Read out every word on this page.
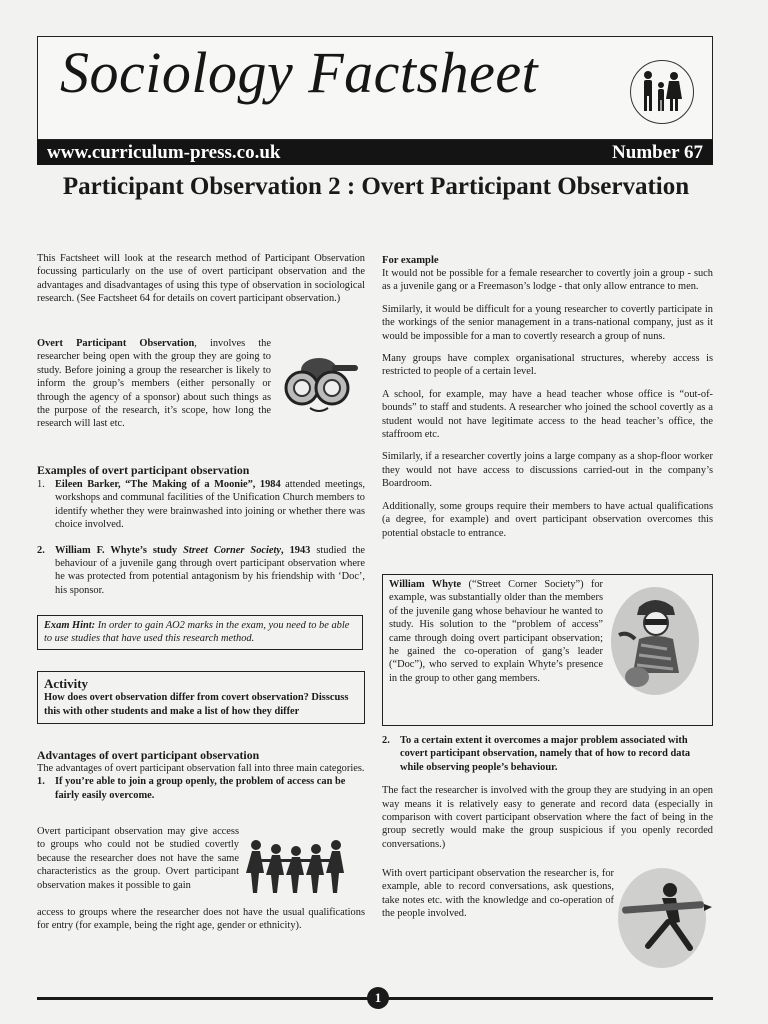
Sociology Factsheet
www.curriculum-press.co.uk	Number 67
Participant Observation 2 : Overt Participant Observation

This Factsheet will look at the research method of Participant Observation focussing particularly on the use of overt participant observation and the advantages and disadvantages of using this type of observation in sociological research. (See Factsheet 64 for details on covert participant observation.)

Overt Participant Observation, involves the researcher being open with the group they are going to study. Before joining a group the researcher is likely to inform the group’s members (either personally or through the agency of a sponsor) about such things as the purpose of the research, it’s scope, how long the research will last etc.

Examples of overt participant observation

1. Eileen Barker, “The Making of a Moonie”, 1984 attended meetings, workshops and communal facilities of the Unification Church members to identify whether they were brainwashed into joining or whether there was choice involved.
2. William F. Whyte’s study Street Corner Society, 1943 studied the behaviour of a juvenile gang through overt participant observation where he was protected from potential antagonism by his friendship with ‘Doc’, his sponsor.
Exam Hint: In order to gain AO2 marks in the exam, you need to be able to use studies that have used this research method.
Activity
How does overt observation differ from covert observation? Disscuss this with other students and make a list of how they differ

Advantages of overt participant observation

The advantages of overt participant observation fall into three main categories.

1. If you’re able to join a group openly, the problem of access can be fairly easily overcome.

Overt participant observation may give access to groups who could not be studied covertly because the researcher does not have the same characteristics as the group. Overt participant observation makes it possible to gain

access to groups where the researcher does not have the usual qualifications for entry (for example, being the right age, gender or ethnicity).

For example

It would not be possible for a female researcher to covertly join a group - such as a juvenile gang or a Freemason’s lodge - that only allow entrance to men.

Similarly, it would be difficult for a young researcher to covertly participate in the workings of the senior management in a trans-national company, just as it would be impossible for a man to covertly research a group of nuns.

Many groups have complex organisational structures, whereby access is restricted to people of a certain level.

A school, for example, may have a head teacher whose office is “out-of-bounds” to staff and students. A researcher who joined the school covertly as a student would not have legitimate access to the head teacher’s office, the staffroom etc.

Similarly, if a researcher covertly joins a large company as a shop-floor worker they would not have access to discussions carried-out in the company’s Boardroom.

Additionally, some groups require their members to have actual qualifications (a degree, for example) and overt participant observation overcomes this potential obstacle to entrance.

William Whyte (“Street Corner Society”) for example, was substantially older than the members of the juvenile gang whose behaviour he wanted to study. His solution to the “problem of access” came through doing overt participant observation; he gained the co-operation of gang’s leader (“Doc”), who served to explain Whyte’s presence in the group to other gang members.

2. To a certain extent it overcomes a major problem associated with covert participant observation, namely that of how to record data while observing people’s behaviour.

The fact the researcher is involved with the group they are studying in an open way means it is relatively easy to generate and record data (especially in comparison with covert participant observation where the fact of being in the group secretly would make the group suspicious if you openly recorded conversations.)

With overt participant observation the researcher is, for example, able to record conversations, ask questions, take notes etc. with the knowledge and co-operation of the people involved.

1
